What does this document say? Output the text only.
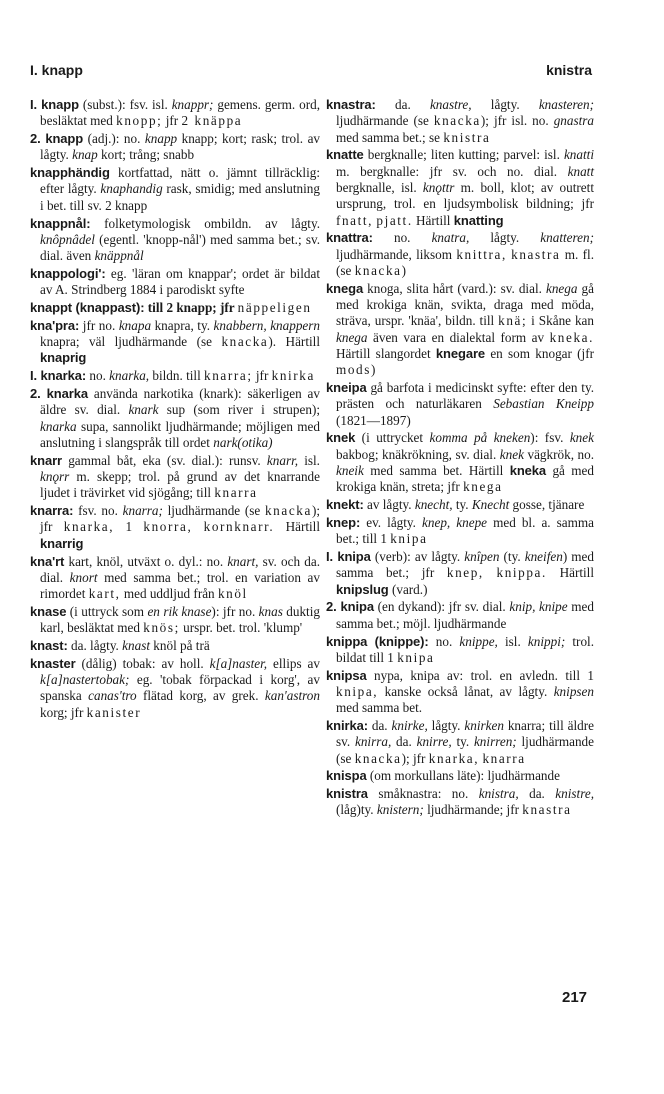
I. knapp	knistra

I. knapp (subst.): fsv. isl. knappr; gemens. germ. ord, besläktat med knopp; jfr 2 knäppa

2. knapp (adj.): no. knapp knapp; kort; rask; trol. av lågty. knap kort; trång; snabb

knapphändig kortfattad, nätt o. jämnt tillräcklig: efter lågty. knaphandig rask, smidig; med anslutning i bet. till sv. 2 knapp

knappnål: folketymologisk ombildn. av lågty. knôpnâdel (egentl. 'knopp-nål') med samma bet.; sv. dial. även knäppnål

knappologi': eg. 'läran om knappar'; ordet är bildat av A. Strindberg 1884 i parodiskt syfte

knappt (knappast): till 2 knapp; jfr näppeligen

kna'pra: jfr no. knapa knapra, ty. knabbern, knappern knapra; väl ljudhärmande (se knacka). Härtill knaprig

I. knarka: no. knarka, bildn. till knarra; jfr knirka

2. knarka använda narkotika (knark): säkerligen av äldre sv. dial. knark sup (som river i strupen); knarka supa, sannolikt ljudhärmande; möjligen med anslutning i slangspråk till ordet nark(otika)

knarr gammal båt, eka (sv. dial.): runsv. knarr, isl. knǫrr m. skepp; trol. på grund av det knarrande ljudet i trävirket vid sjögång; till knarra

knarra: fsv. no. knarra; ljudhärmande (se knacka); jfr knarka, 1 knorra, kornknarr. Härtill knarrig

kna'rt kart, knöl, utväxt o. dyl.: no. knart, sv. och da. dial. knort med samma bet.; trol. en variation av rimordet kart, med uddljud från knöl

knase (i uttryck som en rik knase): jfr no. knas duktig karl, besläktat med knös; urspr. bet. trol. 'klump'

knast: da. lågty. knast knöl på trä

knaster (dålig) tobak: av holl. k[a]naster, ellips av k[a]nastertobak; eg. 'tobak förpackad i korg', av spanska canas'tro flätad korg, av grek. kan'astron korg; jfr kanister

knastra: da. knastre, lågty. knasteren; ljudhärmande (se knacka); jfr isl. no. gnastra med samma bet.; se knistra

knatte bergknalle; liten kutting; parvel: isl. knatti m. bergknalle: jfr sv. och no. dial. knatt bergknalle, isl. knǫttr m. boll, klot; av outrett ursprung, trol. en ljudsymbolisk bildning; jfr fnatt, pjatt. Härtill knatting

knattra: no. knatra, lågty. knatteren; ljudhärmande, liksom knittra, knastra m. fl. (se knacka)

knega knoga, slita hårt (vard.): sv. dial. knega gå med krokiga knän, svikta, draga med möda, sträva, urspr. 'knäa', bildn. till knä; i Skåne kan knega även vara en dialektal form av kneka. Härtill slangordet knegare en som knogar (jfr mods)

kneipa gå barfota i medicinskt syfte: efter den ty. prästen och naturläkaren Sebastian Kneipp (1821—1897)

knek (i uttrycket komma på kneken): fsv. knek bakbog; knäkrökning, sv. dial. knek vägkrök, no. kneik med samma bet. Härtill kneka gå med krokiga knän, streta; jfr knega

knekt: av lågty. knecht, ty. Knecht gosse, tjänare

knep: ev. lågty. knep, knepe med bl. a. samma bet.; till 1 knipa

I. knipa (verb): av lågty. knîpen (ty. kneifen) med samma bet.; jfr knep, knippa. Härtill knipslug (vard.)

2. knipa (en dykand): jfr sv. dial. knip, knipe med samma bet.; möjl. ljudhärmande

knippa (knippe): no. knippe, isl. knippi; trol. bildat till 1 knipa

knipsa nypa, knipa av: trol. en avledn. till 1 knipa, kanske också lånat, av lågty. knipsen med samma bet.

knirka: da. knirke, lågty. knirken knarra; till äldre sv. knirra, da. knirre, ty. knirren; ljudhärmande (se knacka); jfr knarka, knarra

knispa (om morkullans läte): ljudhärmande

knistra småknastra: no. knistra, da. knistre, (låg)ty. knistern; ljudhärmande; jfr knastra

217
